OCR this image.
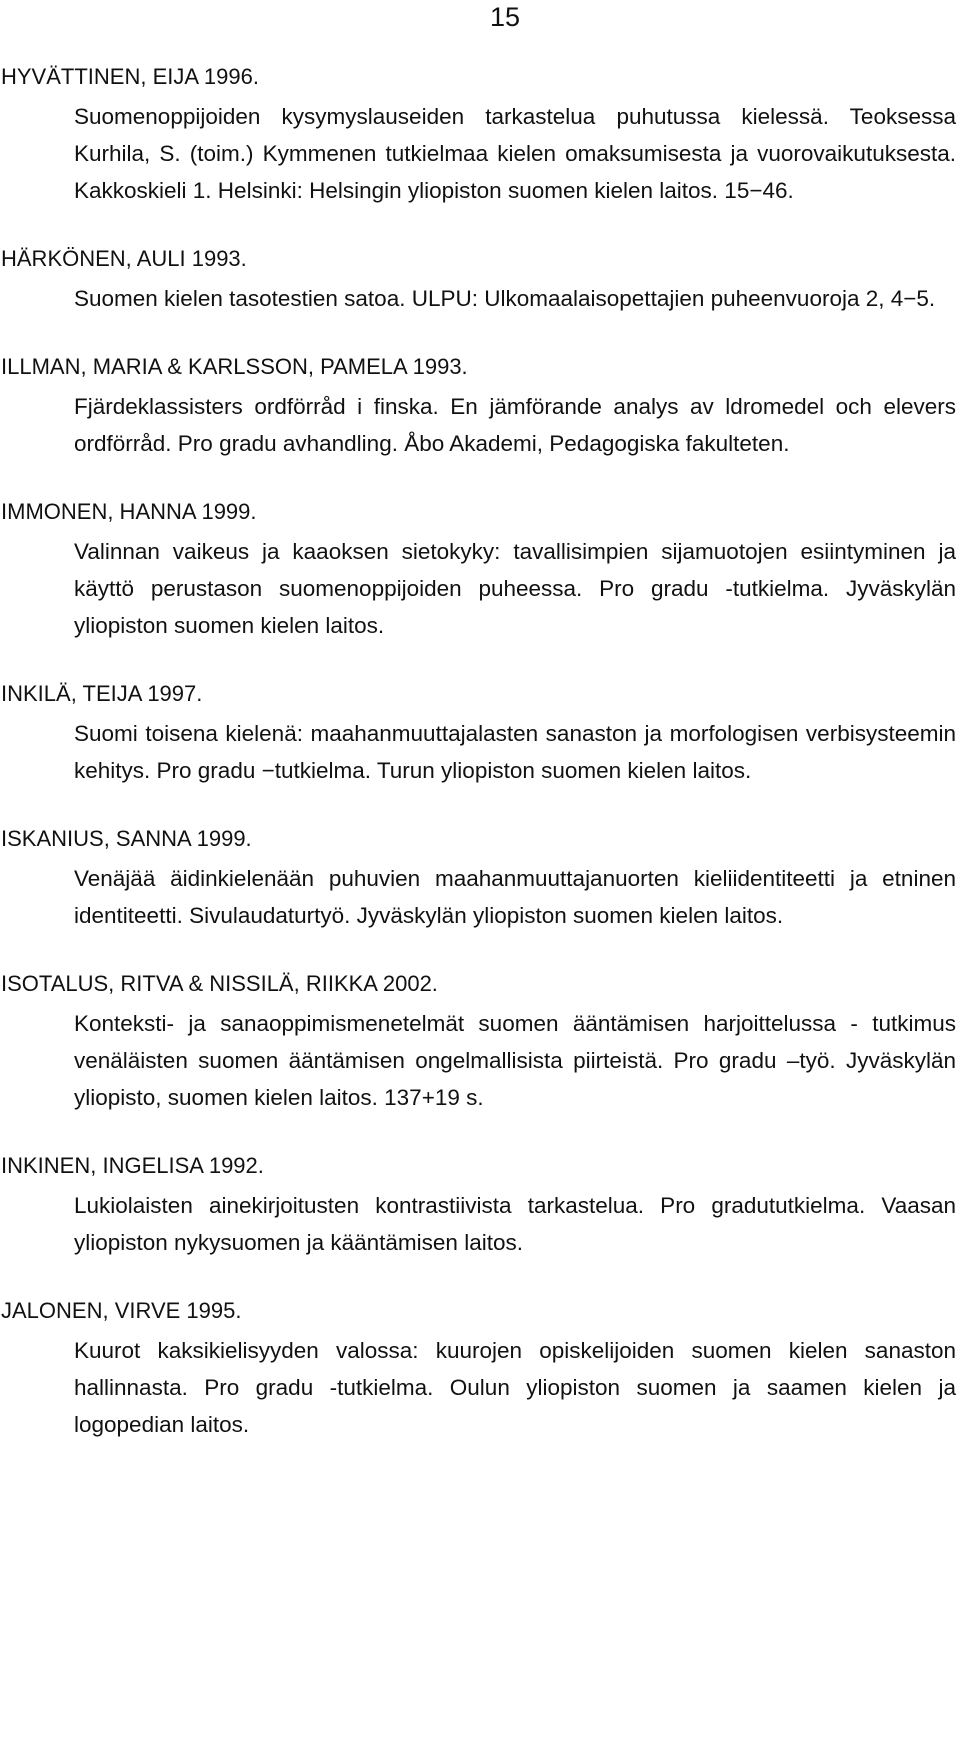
15
HYVÄTTINEN, EIJA 1996.
Suomenoppijoiden kysymyslauseiden tarkastelua puhutussa kielessä. Teoksessa Kurhila, S. (toim.) Kymmenen tutkielmaa kielen omaksumisesta ja vuorovaikutuksesta. Kakkoskieli 1. Helsinki: Helsingin yliopiston suomen kielen laitos. 15−46.
HÄRKÖNEN, AULI 1993.
Suomen kielen tasotestien satoa. ULPU: Ulkomaalaisopettajien puheenvuoroja 2, 4−5.
ILLMAN, MARIA & KARLSSON, PAMELA 1993.
Fjärdeklassisters ordförråd i finska. En jämförande analys av ldromedel och elevers ordförråd. Pro gradu avhandling. Åbo Akademi, Pedagogiska fakulteten.
IMMONEN, HANNA 1999.
Valinnan vaikeus ja kaaoksen sietokyky: tavallisimpien sijamuotojen esiintyminen ja käyttö perustason suomenoppijoiden puheessa. Pro gradu -tutkielma. Jyväskylän yliopiston suomen kielen laitos.
INKILÄ, TEIJA 1997.
Suomi toisena kielenä: maahanmuuttajalasten sanaston ja morfologisen verbisysteemin kehitys. Pro gradu −tutkielma. Turun yliopiston suomen kielen laitos.
ISKANIUS, SANNA 1999.
Venäjää äidinkielenään puhuvien maahanmuuttajanuorten kieliidentiteetti ja etninen identiteetti. Sivulaudaturtyö. Jyväskylän yliopiston suomen kielen laitos.
ISOTALUS, RITVA & NISSILÄ, RIIKKA 2002.
Konteksti- ja sanaoppimismenetelmät suomen ääntämisen harjoittelussa - tutkimus venäläisten suomen ääntämisen ongelmallisista piirteistä. Pro gradu –työ. Jyväskylän yliopisto, suomen kielen laitos. 137+19 s.
INKINEN, INGELISA 1992.
Lukiolaisten ainekirjoitusten kontrastiivista tarkastelua. Pro gradututkielma. Vaasan yliopiston nykysuomen ja kääntämisen laitos.
JALONEN, VIRVE 1995.
Kuurot kaksikielisyyden valossa: kuurojen opiskelijoiden suomen kielen sanaston hallinnasta. Pro gradu -tutkielma. Oulun yliopiston suomen ja saamen kielen ja logopedian laitos.
